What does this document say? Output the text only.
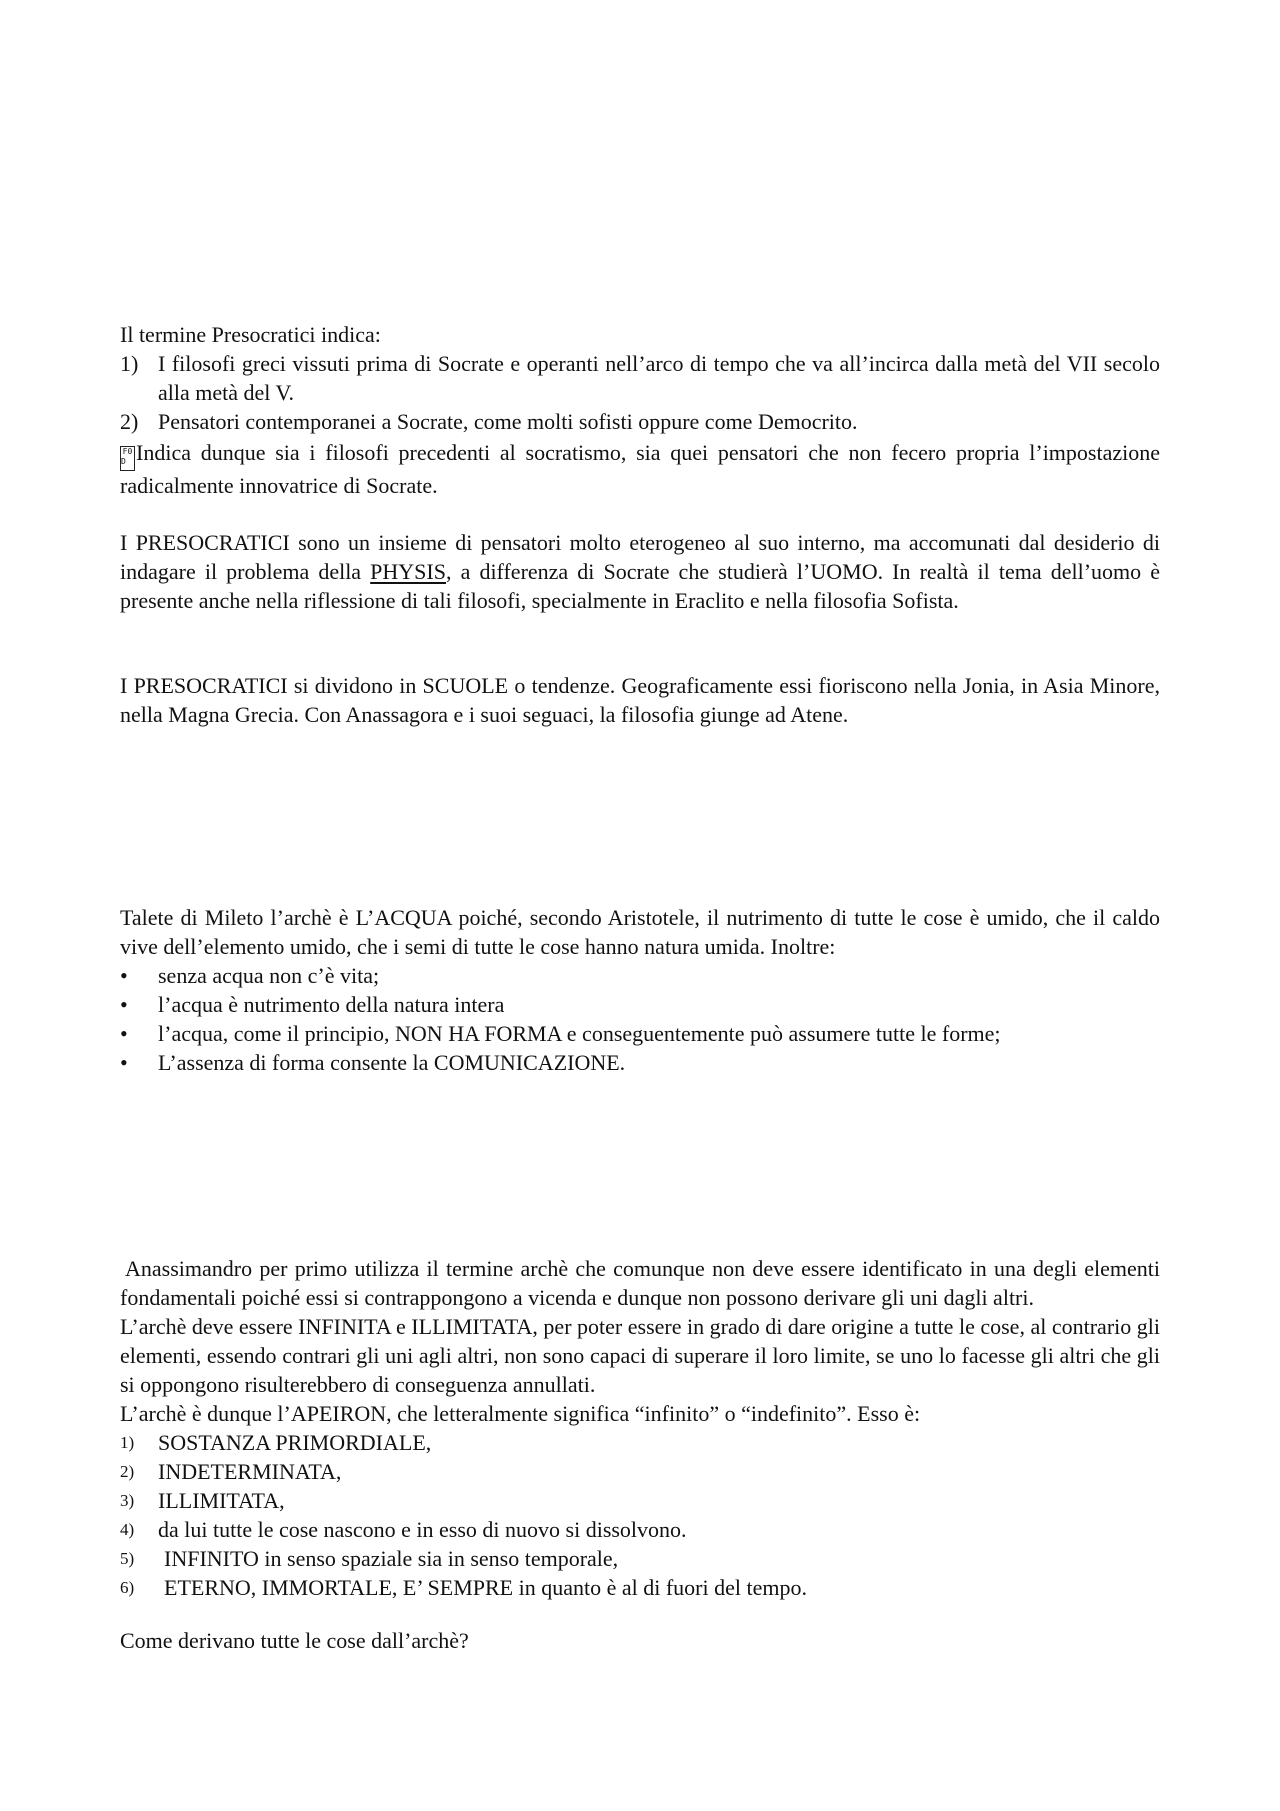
Il termine Presocratici indica:

1) I filosofi greci vissuti prima di Socrate e operanti nell’arco di tempo che va all’incirca dalla metà del VII secolo alla metà del V.
2) Pensatori contemporanei a Socrate, come molti sofisti oppure come Democrito.

F0 D Indica dunque sia i filosofi precedenti al socratismo, sia quei pensatori che non fecero propria l’impostazione radicalmente innovatrice di Socrate.

I PRESOCRATICI sono un insieme di pensatori molto eterogeneo al suo interno, ma accomunati dal desiderio di indagare il problema della PHYSIS, a differenza di Socrate che studierà l’UOMO. In realtà il tema dell’uomo è presente anche nella riflessione di tali filosofi, specialmente in Eraclito e nella filosofia Sofista.

I PRESOCRATICI si dividono in SCUOLE o tendenze. Geograficamente essi fioriscono nella Jonia, in Asia Minore, nella Magna Grecia. Con Anassagora e i suoi seguaci, la filosofia giunge ad Atene.

Talete di Mileto l’archè è L’ACQUA poiché, secondo Aristotele, il nutrimento di tutte le cose è umido, che il caldo vive dell’elemento umido, che i semi di tutte le cose hanno natura umida. Inoltre:

•	senza acqua non c’è vita;
•	l’acqua è nutrimento della natura intera
•	l’acqua, come il principio, NON HA FORMA e conseguentemente può assumere tutte le forme;
•	L’assenza di forma consente la COMUNICAZIONE.

Anassimandro per primo utilizza il termine archè che comunque non deve essere identificato in una degli elementi fondamentali poiché essi si contrappongono a vicenda e dunque non possono derivare gli uni dagli altri.

L’archè deve essere INFINITA e ILLIMITATA, per poter essere in grado di dare origine a tutte le cose, al contrario gli elementi, essendo contrari gli uni agli altri, non sono capaci di superare il loro limite, se uno lo facesse gli altri che gli si oppongono risulterebbero di conseguenza annullati.

L’archè è dunque l’APEIRON, che letteralmente significa “infinito” o “indefinito”. Esso è:

1)	SOSTANZA PRIMORDIALE,
2)	INDETERMINATA,
3)	ILLIMITATA,
4)	da lui tutte le cose nascono e in esso di nuovo si dissolvono.
5)	INFINITO in senso spaziale sia in senso temporale,
6)	ETERNO, IMMORTALE, E’ SEMPRE in quanto è al di fuori del tempo.

Come derivano tutte le cose dall’archè?
